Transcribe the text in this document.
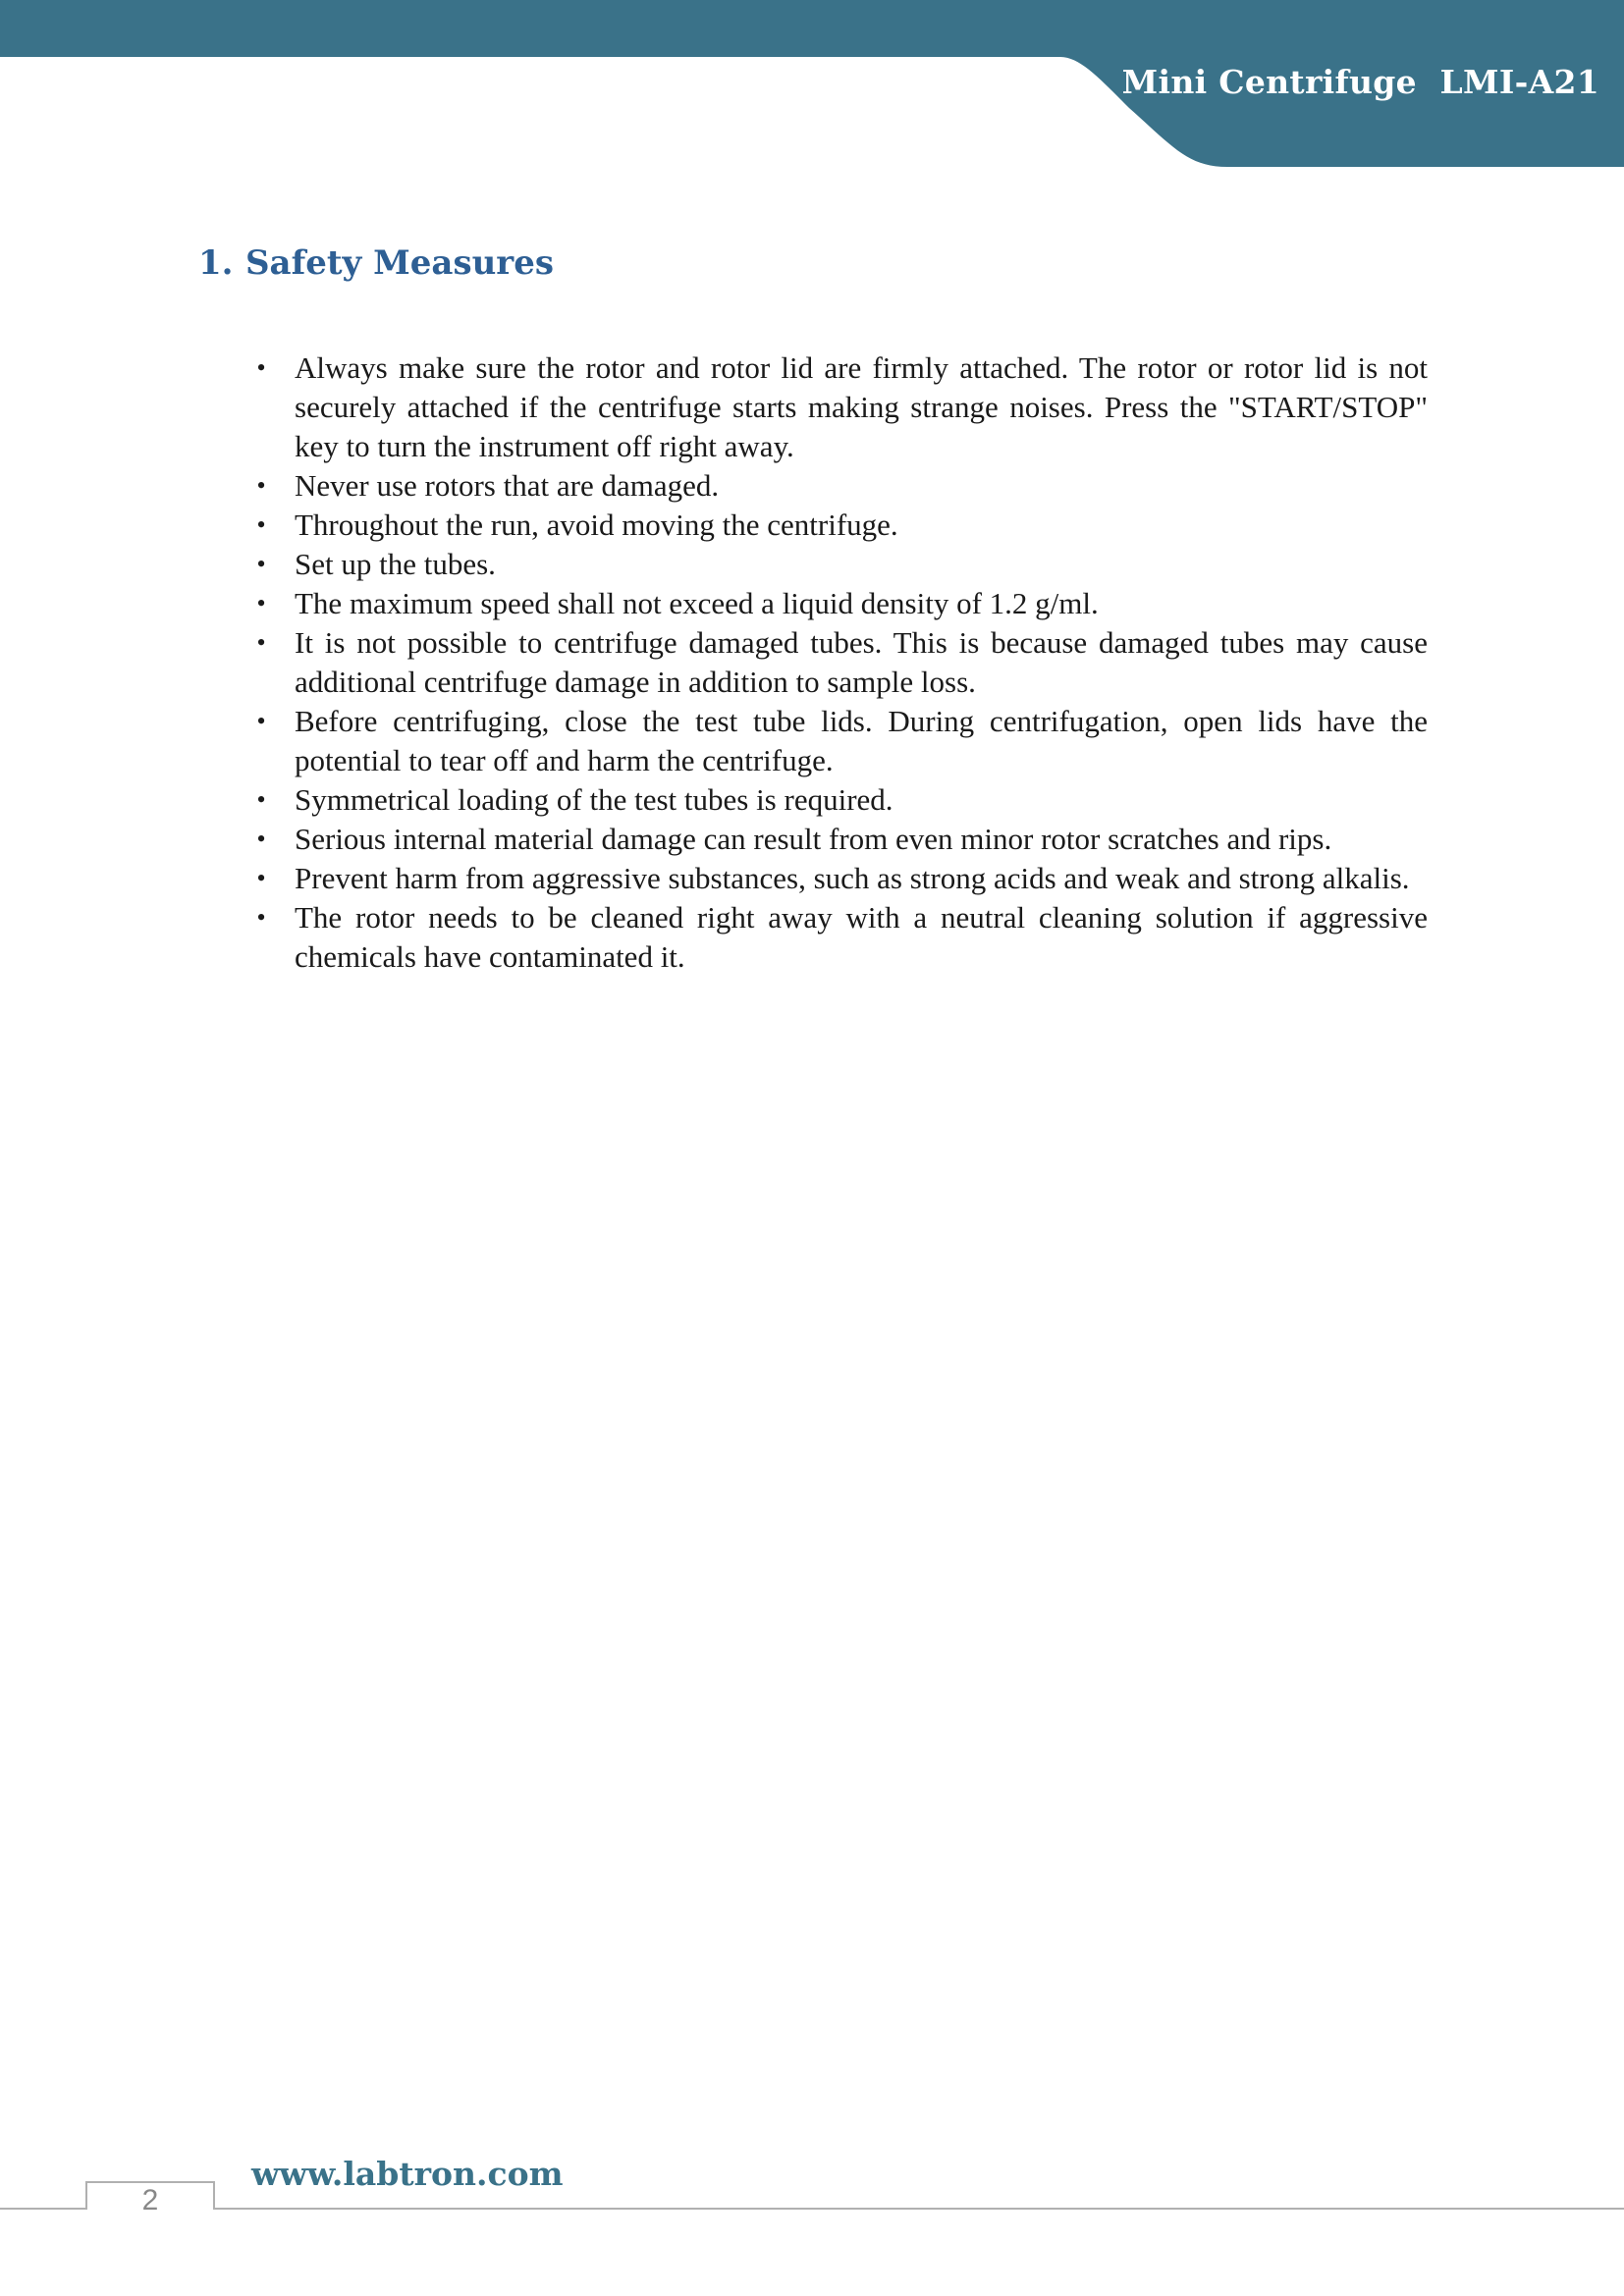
Mini Centrifuge  LMI-A21
1. Safety Measures
• Always make sure the rotor and rotor lid are firmly attached. The rotor or rotor lid is not securely attached if the centrifuge starts making strange noises. Press the "START/STOP" key to turn the instrument off right away.
• Never use rotors that are damaged.
• Throughout the run, avoid moving the centrifuge.
• Set up the tubes.
• The maximum speed shall not exceed a liquid density of 1.2 g/ml.
• It is not possible to centrifuge damaged tubes. This is because damaged tubes may cause additional centrifuge damage in addition to sample loss.
• Before centrifuging, close the test tube lids. During centrifugation, open lids have the potential to tear off and harm the centrifuge.
• Symmetrical loading of the test tubes is required.
• Serious internal material damage can result from even minor rotor scratches and rips.
• Prevent harm from aggressive substances, such as strong acids and weak and strong alkalis.
• The rotor needs to be cleaned right away with a neutral cleaning solution if aggressive chemicals have contaminated it.
www.labtron.com
2
